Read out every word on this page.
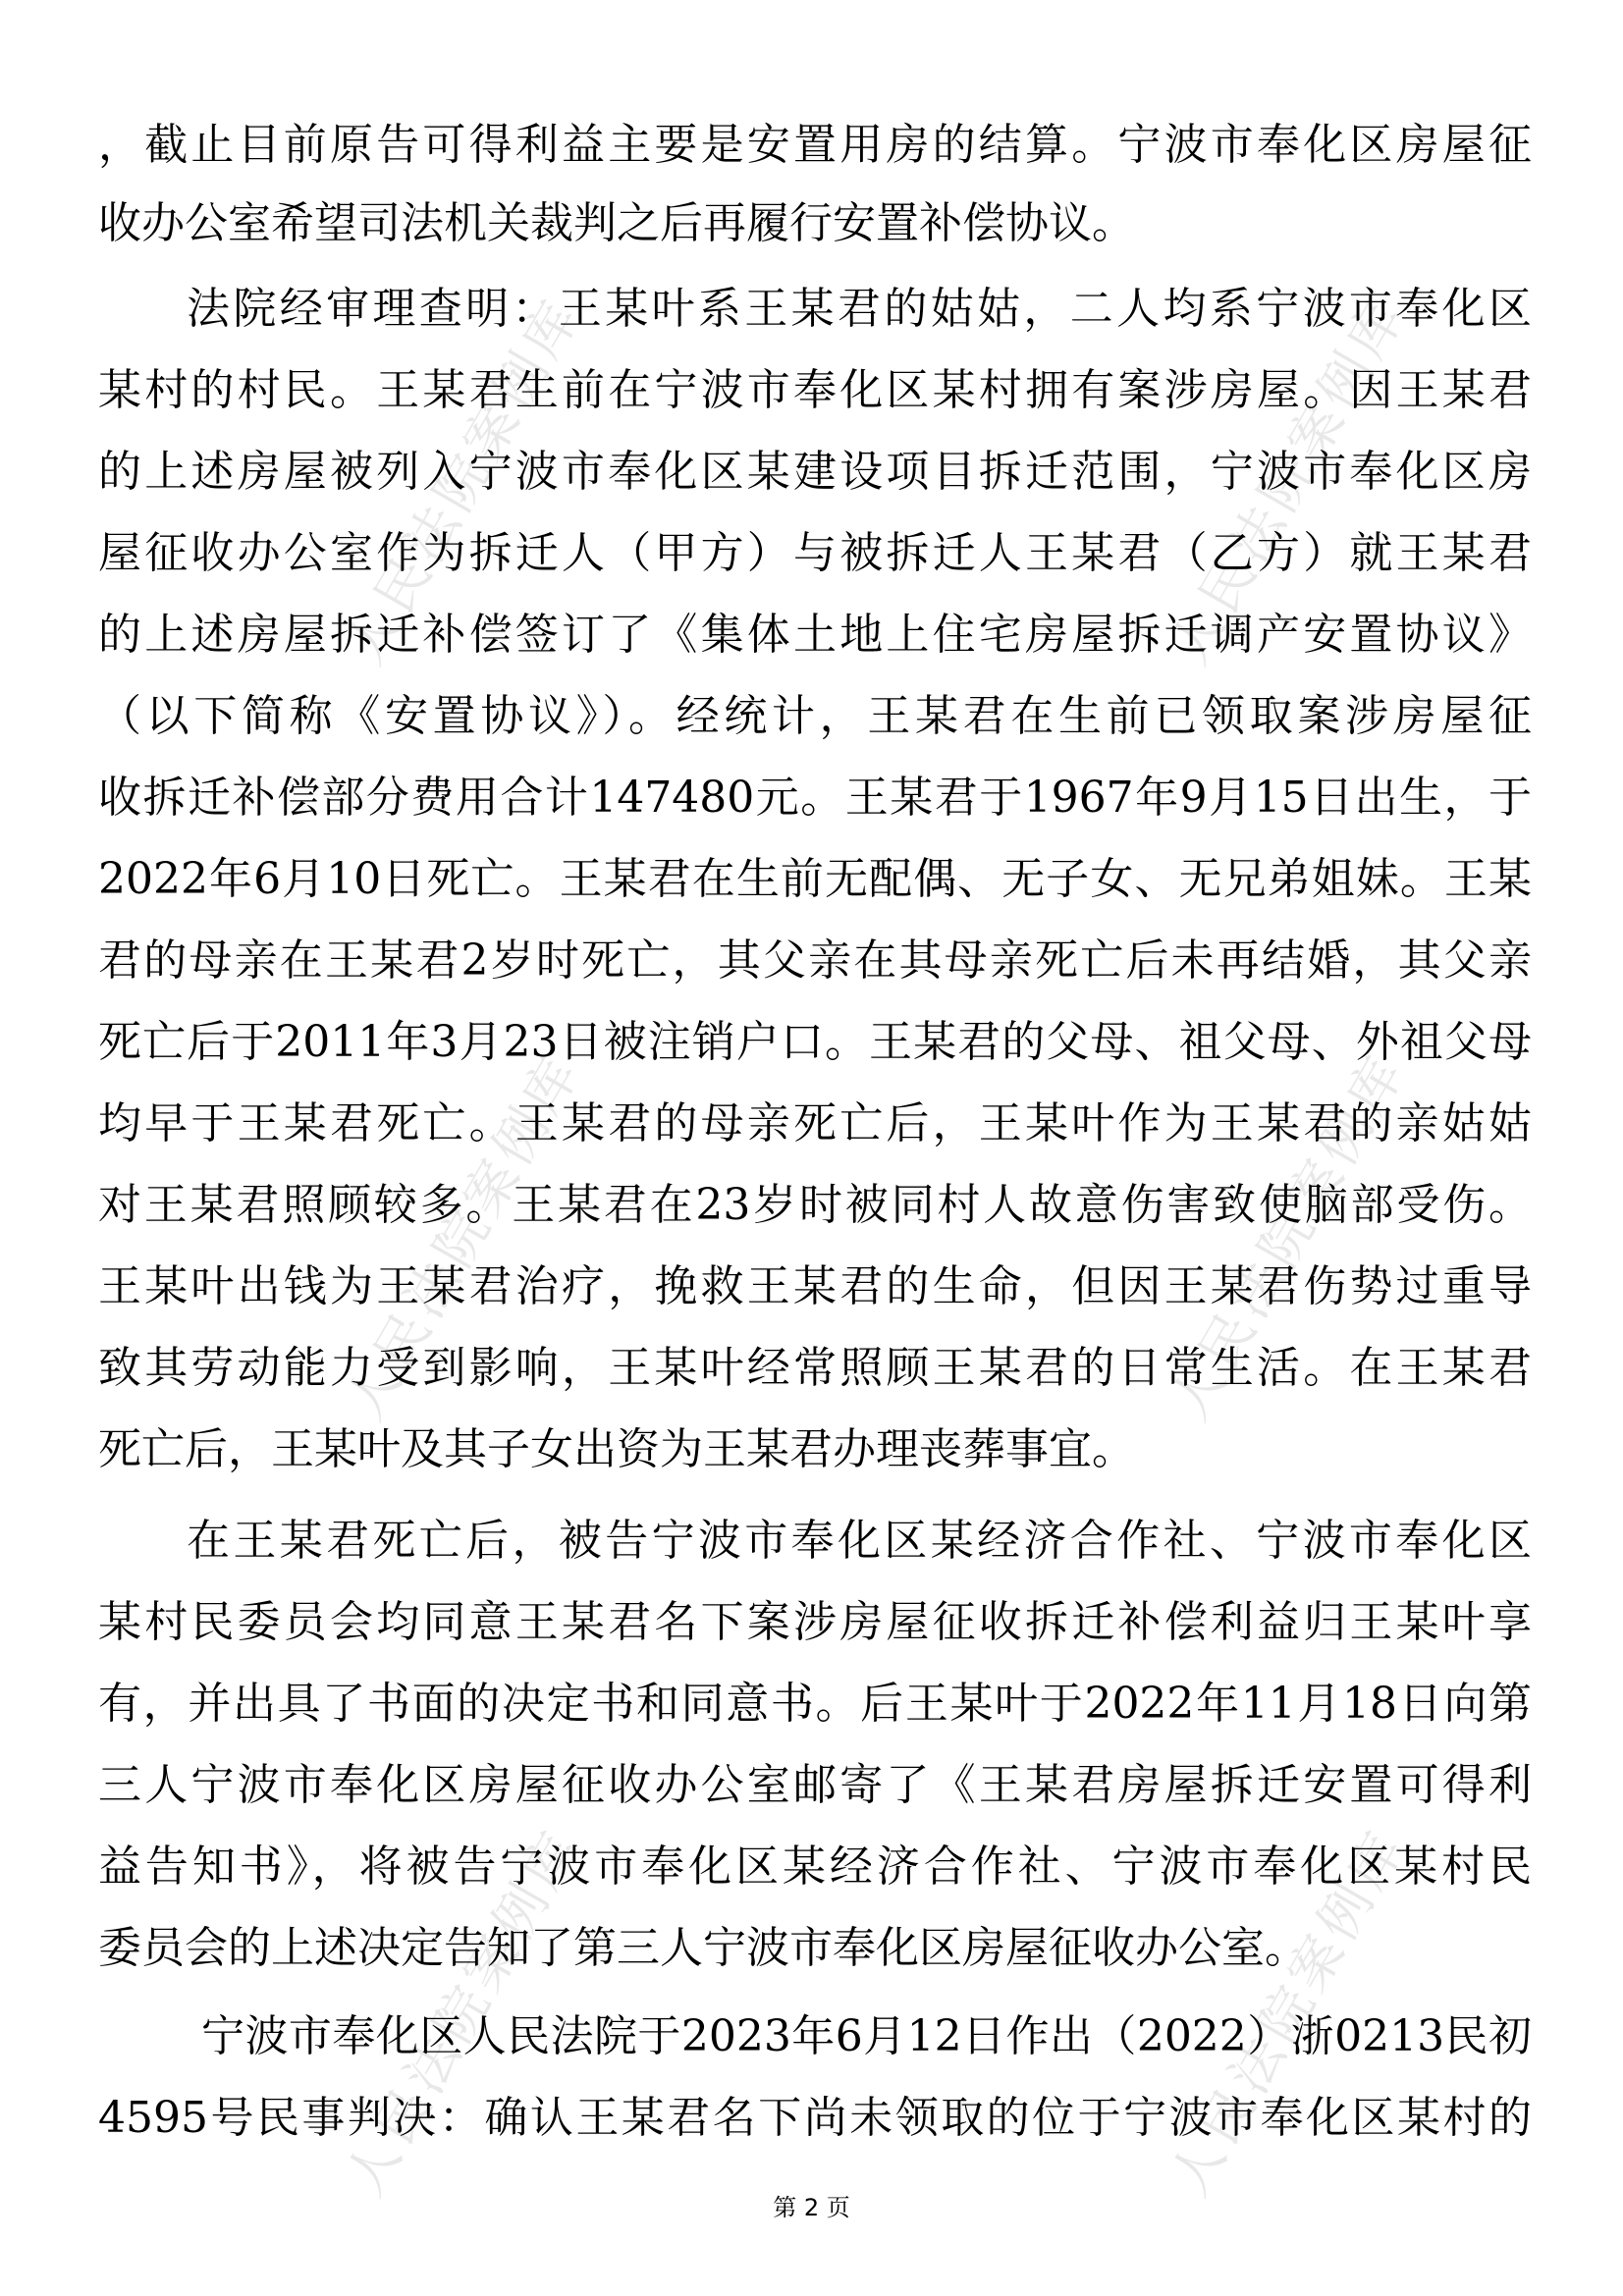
人民法院案例库	人民法院案例库
人民法院案例库	人民法院案例库
人民法院案例库	人民法院案例库
，截止目前原告可得利益主要是安置用房的结算。宁波市奉化区房屋征
收办公室希望司法机关裁判之后再履行安置补偿协议。
法院经审理查明：王某叶系王某君的姑姑，二人均系宁波市奉化区
某村的村民。王某君生前在宁波市奉化区某村拥有案涉房屋。因王某君
的上述房屋被列入宁波市奉化区某建设项目拆迁范围，宁波市奉化区房
屋征收办公室作为拆迁人（甲方）与被拆迁人王某君（乙方）就王某君
的上述房屋拆迁补偿签订了《集体土地上住宅房屋拆迁调产安置协议》
（以下简称《安置协议》）。经统计，王某君在生前已领取案涉房屋征
收拆迁补偿部分费用合计147480元。王某君于1967年9月15日出生，于
2022年6月10日死亡。王某君在生前无配偶、无子女、无兄弟姐妹。王某
君的母亲在王某君2岁时死亡，其父亲在其母亲死亡后未再结婚，其父亲
死亡后于2011年3月23日被注销户口。王某君的父母、祖父母、外祖父母
均早于王某君死亡。王某君的母亲死亡后，王某叶作为王某君的亲姑姑
对王某君照顾较多。王某君在23岁时被同村人故意伤害致使脑部受伤。
王某叶出钱为王某君治疗，挽救王某君的生命，但因王某君伤势过重导
致其劳动能力受到影响，王某叶经常照顾王某君的日常生活。在王某君
死亡后，王某叶及其子女出资为王某君办理丧葬事宜。
在王某君死亡后，被告宁波市奉化区某经济合作社、宁波市奉化区
某村民委员会均同意王某君名下案涉房屋征收拆迁补偿利益归王某叶享
有，并出具了书面的决定书和同意书。后王某叶于2022年11月18日向第
三人宁波市奉化区房屋征收办公室邮寄了《王某君房屋拆迁安置可得利
益告知书》，将被告宁波市奉化区某经济合作社、宁波市奉化区某村民
委员会的上述决定告知了第三人宁波市奉化区房屋征收办公室。
宁波市奉化区人民法院于2023年6月12日作出（2022）浙0213民初
4595号民事判决：确认王某君名下尚未领取的位于宁波市奉化区某村的
第 2 页
